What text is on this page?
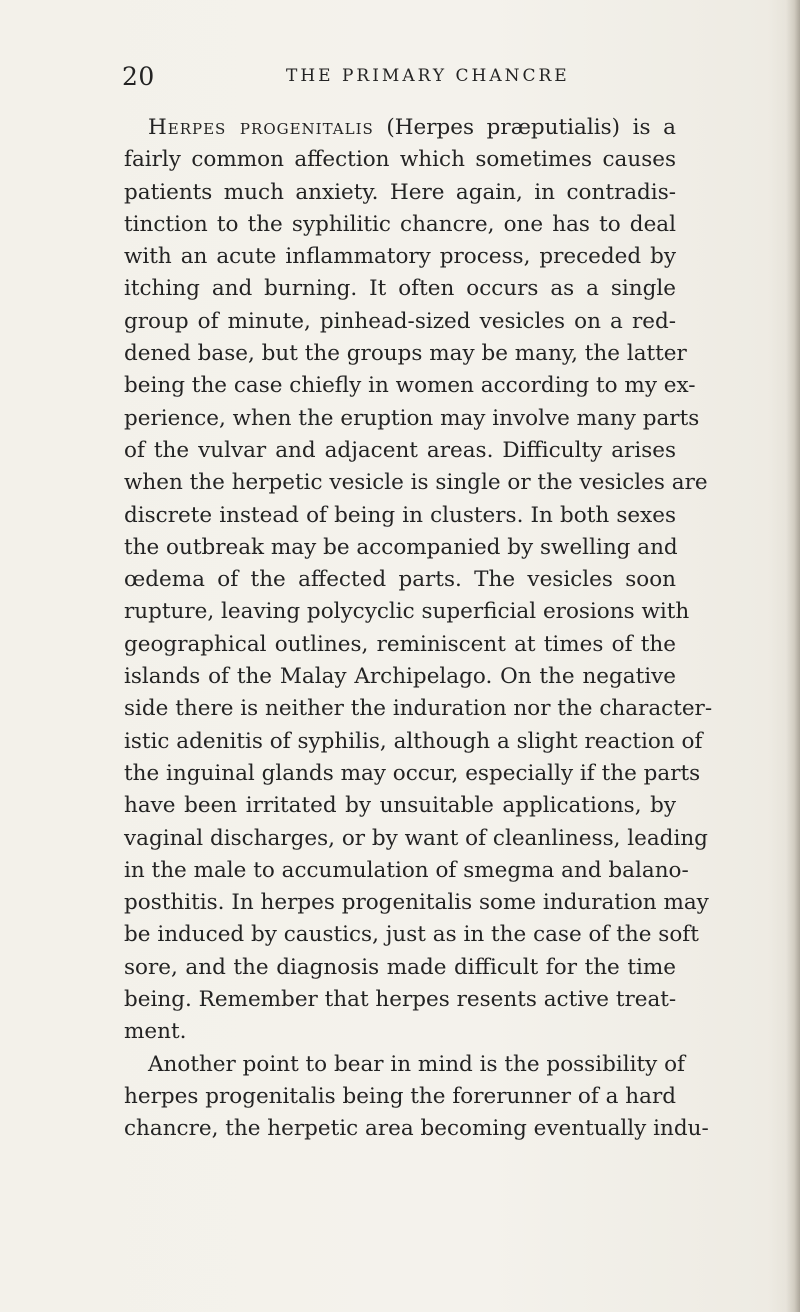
20	THE PRIMARY CHANCRE
Herpes progenitalis (Herpes præputialis) is a
fairly common affection which sometimes causes
patients much anxiety. Here again, in contradis-
tinction to the syphilitic chancre, one has to deal
with an acute inflammatory process, preceded by
itching and burning. It often occurs as a single
group of minute, pinhead-sized vesicles on a red-
dened base, but the groups may be many, the latter
being the case chiefly in women according to my ex-
perience, when the eruption may involve many parts
of the vulvar and adjacent areas. Difficulty arises
when the herpetic vesicle is single or the vesicles are
discrete instead of being in clusters. In both sexes
the outbreak may be accompanied by swelling and
œdema of the affected parts. The vesicles soon
rupture, leaving polycyclic superficial erosions with
geographical outlines, reminiscent at times of the
islands of the Malay Archipelago. On the negative
side there is neither the induration nor the character-
istic adenitis of syphilis, although a slight reaction of
the inguinal glands may occur, especially if the parts
have been irritated by unsuitable applications, by
vaginal discharges, or by want of cleanliness, leading
in the male to accumulation of smegma and balano-
posthitis. In herpes progenitalis some induration may
be induced by caustics, just as in the case of the soft
sore, and the diagnosis made difficult for the time
being. Remember that herpes resents active treat-
ment.
Another point to bear in mind is the possibility of
herpes progenitalis being the forerunner of a hard
chancre, the herpetic area becoming eventually indu-
